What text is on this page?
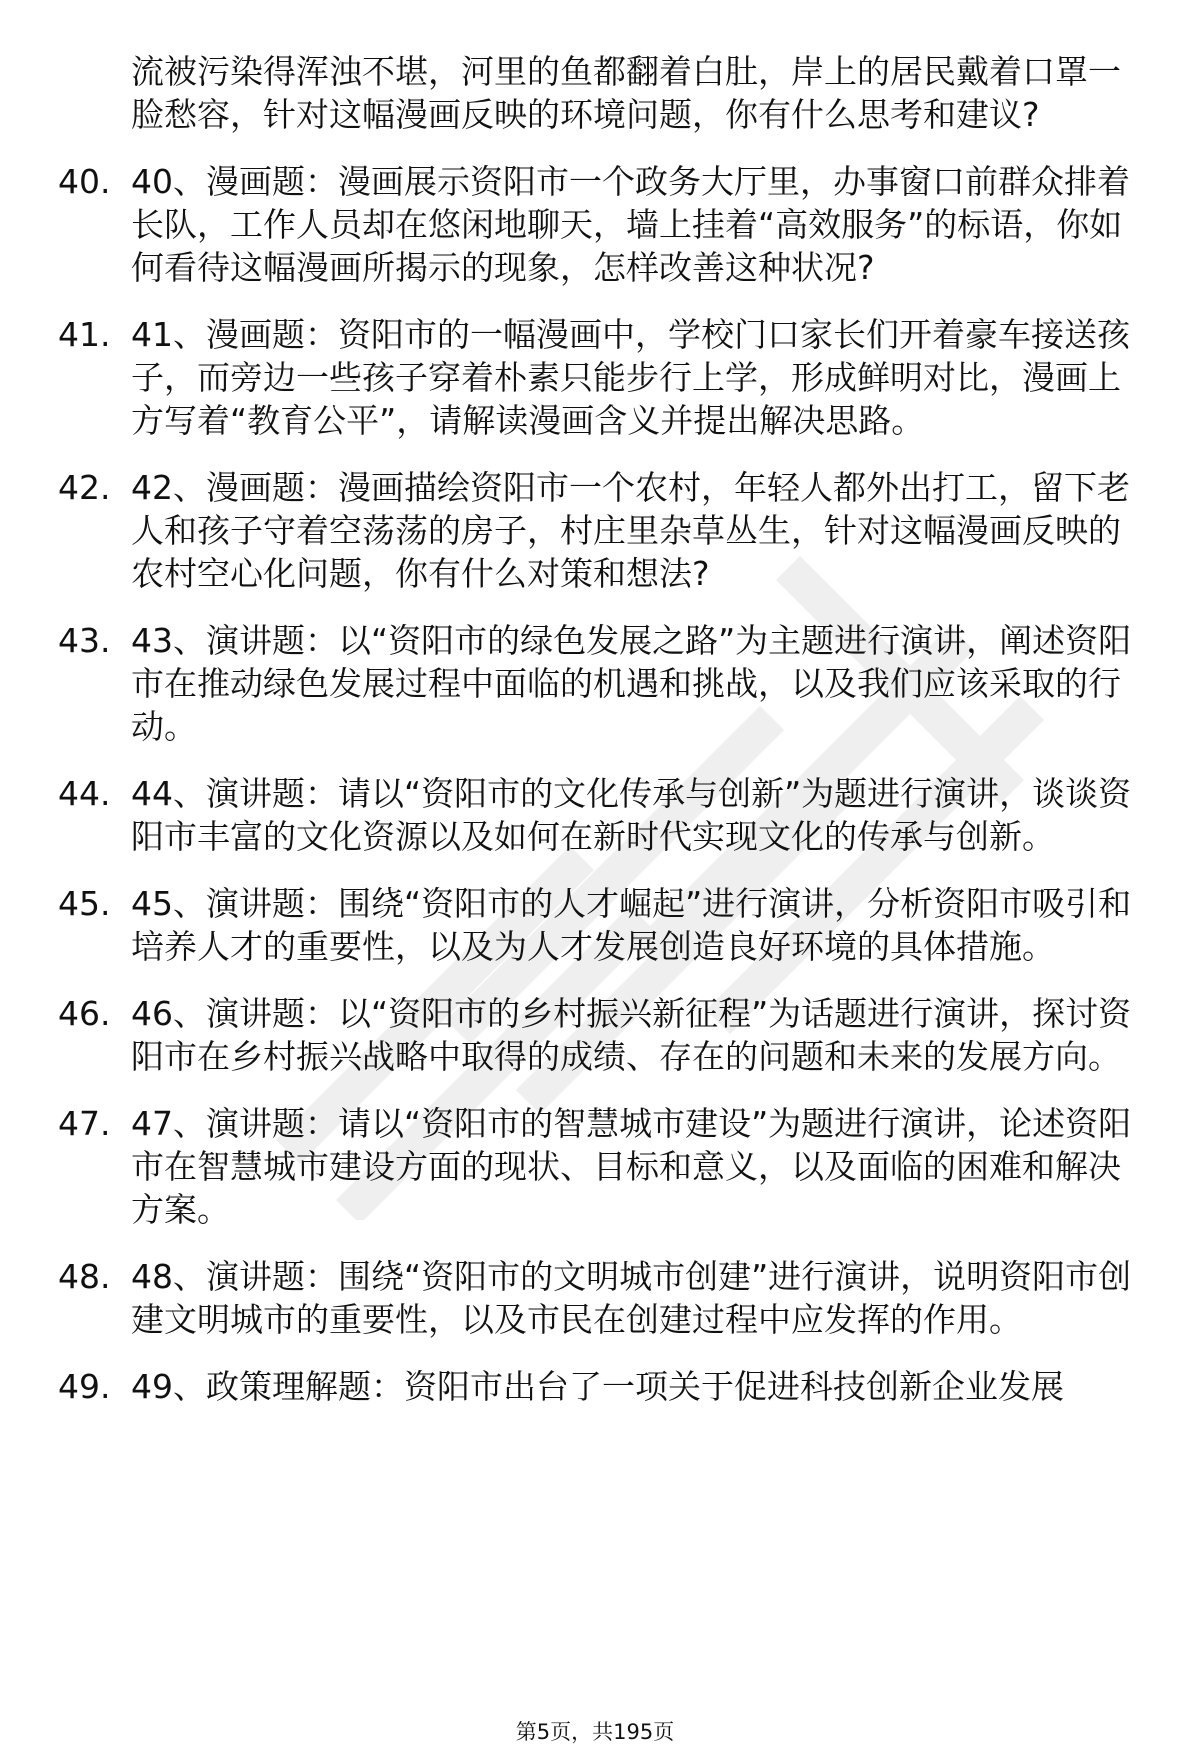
流被污染得浑浊不堪，河里的鱼都翻着白肚，岸上的居民戴着口罩一脸愁容，针对这幅漫画反映的环境问题，你有什么思考和建议?
40. 40、漫画题：漫画展示资阳市一个政务大厅里，办事窗口前群众排着长队，工作人员却在悠闲地聊天，墙上挂着“高效服务”的标语，你如何看待这幅漫画所揭示的现象，怎样改善这种状况?
41. 41、漫画题：资阳市的一幅漫画中，学校门口家长们开着豪车接送孩子，而旁边一些孩子穿着朴素只能步行上学，形成鲜明对比，漫画上方写着“教育公平”，请解读漫画含义并提出解决思路。
42. 42、漫画题：漫画描绘资阳市一个农村，年轻人都外出打工，留下老人和孩子守着空荡荡的房子，村庄里杂草丛生，针对这幅漫画反映的农村空心化问题，你有什么对策和想法?
43. 43、演讲题：以“资阳市的绿色发展之路”为主题进行演讲，阐述资阳市在推动绿色发展过程中面临的机遇和挑战，以及我们应该采取的行动。
44. 44、演讲题：请以“资阳市的文化传承与创新”为题进行演讲，谈谈资阳市丰富的文化资源以及如何在新时代实现文化的传承与创新。
45. 45、演讲题：围绕“资阳市的人才崛起”进行演讲，分析资阳市吸引和培养人才的重要性，以及为人才发展创造良好环境的具体措施。
46. 46、演讲题：以“资阳市的乡村振兴新征程”为话题进行演讲，探讨资阳市在乡村振兴战略中取得的成绩、存在的问题和未来的发展方向。
47. 47、演讲题：请以“资阳市的智慧城市建设”为题进行演讲，论述资阳市在智慧城市建设方面的现状、目标和意义，以及面临的困难和解决方案。
48. 48、演讲题：围绕“资阳市的文明城市创建”进行演讲，说明资阳市创建文明城市的重要性，以及市民在创建过程中应发挥的作用。
49. 49、政策理解题：资阳市出台了一项关于促进科技创新企业发展
第5页，共195页
